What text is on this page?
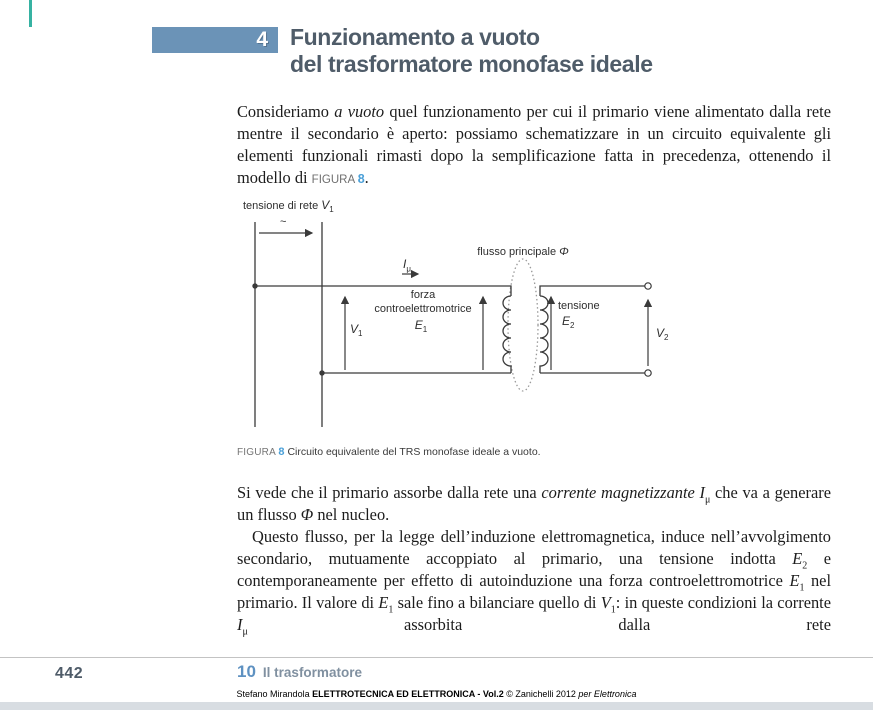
4 Funzionamento a vuoto
del trasformatore monofase ideale

Consideriamo a vuoto quel funzionamento per cui il primario viene alimentato dalla rete mentre il secondario è aperto: possiamo schematizzare in un circuito equivalente gli elementi funzionali rimasti dopo la semplificazione fatta in precedenza, ottenendo il modello di FIGURA 8.

tensione di rete $V_1$
~
$I_\mu$
flusso principale Φ
forza
controelettromotrice
$E_1$
$V_1$
tensione
$E_2$
$V_2$

FIGURA 8 Circuito equivalente del TRS monofase ideale a vuoto.

Si vede che il primario assorbe dalla rete una corrente magnetizzante $I_\mu$ che va a generare un flusso Φ nel nucleo.

Questo flusso, per la legge dell’induzione elettromagnetica, induce nell’avvolgimento secondario, mutuamente accoppiato al primario, una tensione indotta $E_2$ e contemporaneamente per effetto di autoinduzione una forza controelettromotrice $E_1$ nel primario. Il valore di $E_1$ sale fino a bilanciare quello di $V_1$: in queste condizioni la corrente $I_\mu$ assorbita dalla rete

442	10 Il trasformatore
Stefano Mirandola ELETTROTECNICA ED ELETTRONICA - Vol.2 © Zanichelli 2012 per Elettronica
